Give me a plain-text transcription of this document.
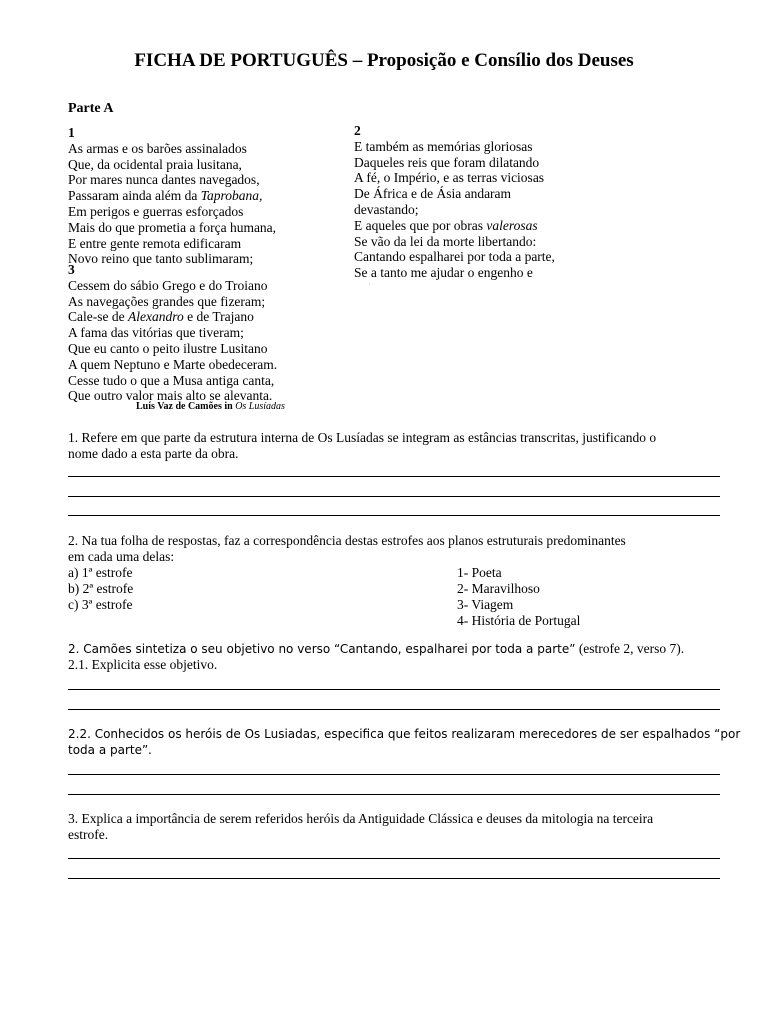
FICHA DE PORTUGUÊS – Proposição e Consílio dos Deuses
Parte A
1
As armas e os barões assinalados
Que, da ocidental praia lusitana,
Por mares nunca dantes navegados,
Passaram ainda além da Taprobana,
Em perigos e guerras esforçados
Mais do que prometia a força humana,
E entre gente remota edificaram
Novo reino que tanto sublimaram;
3
Cessem do sábio Grego e do Troiano
As navegações grandes que fizeram;
Cale-se de Alexandro e de Trajano
A fama das vitórias que tiveram;
Que eu canto o peito ilustre Lusitano
A quem Neptuno e Marte obedeceram.
Cesse tudo o que a Musa antiga canta,
Que outro valor mais alto se alevanta.
Luís Vaz de Camões in Os Lusíadas
2
E também as memórias gloriosas
Daqueles reis que foram dilatando
A fé, o Império, e as terras viciosas
De África e de Ásia andaram
devastando;
E aqueles que por obras valerosas
Se vão da lei da morte libertando:
Cantando espalharei por toda a parte,
Se a tanto me ajudar o engenho e
·
1. Refere em que parte da estrutura interna de Os Lusíadas se integram as estâncias transcritas, justificando o
nome dado a esta parte da obra.
2. Na tua folha de respostas, faz a correspondência destas estrofes aos planos estruturais predominantes
em cada uma delas:
a) 1ª estrofe
b) 2ª estrofe
c) 3ª estrofe
1- Poeta
2- Maravilhoso
3- Viagem
4- História de Portugal
2. Camões sintetiza o seu objetivo no verso “Cantando, espalharei por toda a parte” (estrofe 2, verso 7).
2.1. Explicita esse objetivo.
2.2. Conhecidos os heróis de Os Lusiadas, especifica que feitos realizaram merecedores de ser espalhados “por
toda a parte”.
3. Explica a importância de serem referidos heróis da Antiguidade Clássica e deuses da mitologia na terceira
estrofe.
